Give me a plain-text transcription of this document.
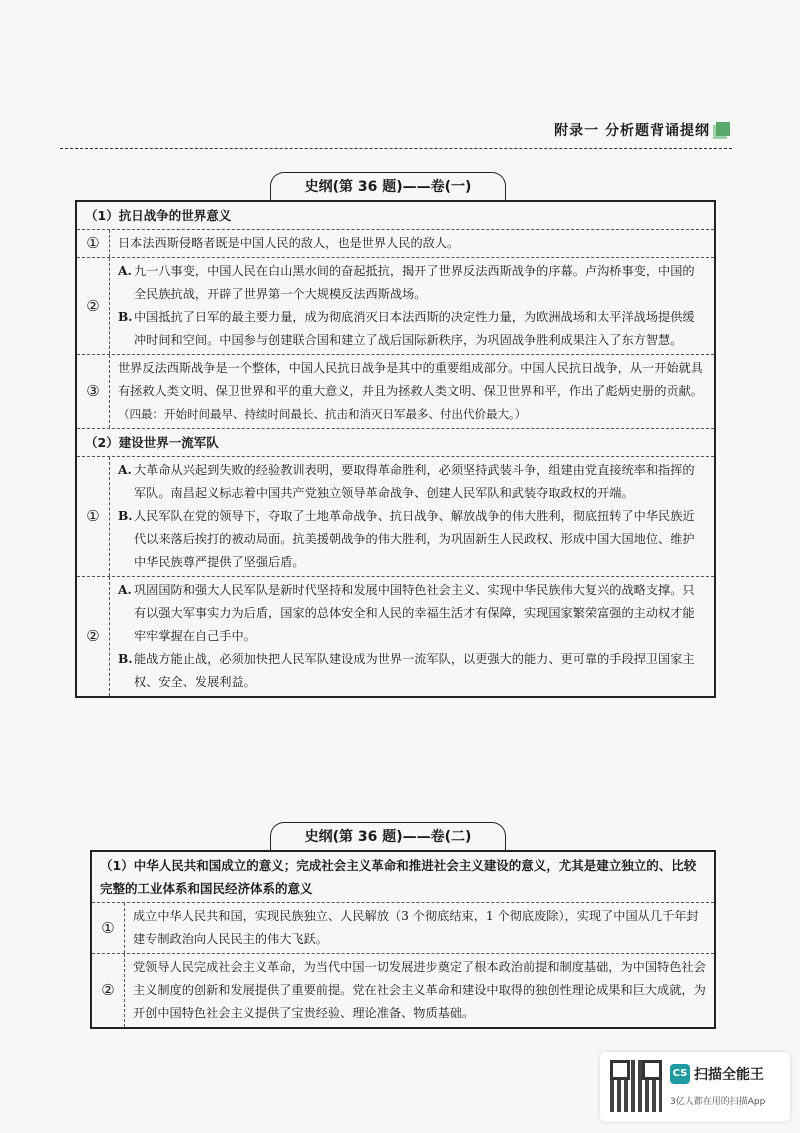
附录一 分析题背诵提纲
史纲(第 36 题)——卷(一)
（1）抗日战争的世界意义
①	日本法西斯侵略者既是中国人民的敌人，也是世界人民的敌人。
②
A. 九一八事变，中国人民在白山黑水间的奋起抵抗，揭开了世界反法西斯战争的序幕。卢沟桥事变，中国的全民族抗战，开辟了世界第一个大规模反法西斯战场。
B. 中国抵抗了日军的最主要力量，成为彻底消灭日本法西斯的决定性力量，为欧洲战场和太平洋战场提供缓冲时间和空间。中国参与创建联合国和建立了战后国际新秩序，为巩固战争胜利成果注入了东方智慧。
③
世界反法西斯战争是一个整体，中国人民抗日战争是其中的重要组成部分。中国人民抗日战争，从一开始就具有拯救人类文明、保卫世界和平的重大意义，并且为拯救人类文明、保卫世界和平，作出了彪炳史册的贡献。
（四最：开始时间最早、持续时间最长、抗击和消灭日军最多、付出代价最大。）
（2）建设世界一流军队
①
A. 大革命从兴起到失败的经验教训表明，要取得革命胜利，必须坚持武装斗争，组建由党直接统率和指挥的军队。南昌起义标志着中国共产党独立领导革命战争、创建人民军队和武装夺取政权的开端。
B. 人民军队在党的领导下，夺取了土地革命战争、抗日战争、解放战争的伟大胜利，彻底扭转了中华民族近代以来落后挨打的被动局面。抗美援朝战争的伟大胜利，为巩固新生人民政权、形成中国大国地位、维护中华民族尊严提供了坚强后盾。
②
A. 巩固国防和强大人民军队是新时代坚持和发展中国特色社会主义、实现中华民族伟大复兴的战略支撑。只有以强大军事实力为后盾，国家的总体安全和人民的幸福生活才有保障，实现国家繁荣富强的主动权才能牢牢掌握在自己手中。
B. 能战方能止战，必须加快把人民军队建设成为世界一流军队，以更强大的能力、更可靠的手段捍卫国家主权、安全、发展利益。
史纲(第 36 题)——卷(二)
（1）中华人民共和国成立的意义；完成社会主义革命和推进社会主义建设的意义，尤其是建立独立的、比较完整的工业体系和国民经济体系的意义
①
成立中华人民共和国，实现民族独立、人民解放（3 个彻底结束，1 个彻底废除），实现了中国从几千年封建专制政治向人民民主的伟大飞跃。
②
党领导人民完成社会主义革命，为当代中国一切发展进步奠定了根本政治前提和制度基础，为中国特色社会主义制度的创新和发展提供了重要前提。党在社会主义革命和建设中取得的独创性理论成果和巨大成就，为开创中国特色社会主义提供了宝贵经验、理论准备、物质基础。
CS 扫描全能王
3亿人都在用的扫描App
